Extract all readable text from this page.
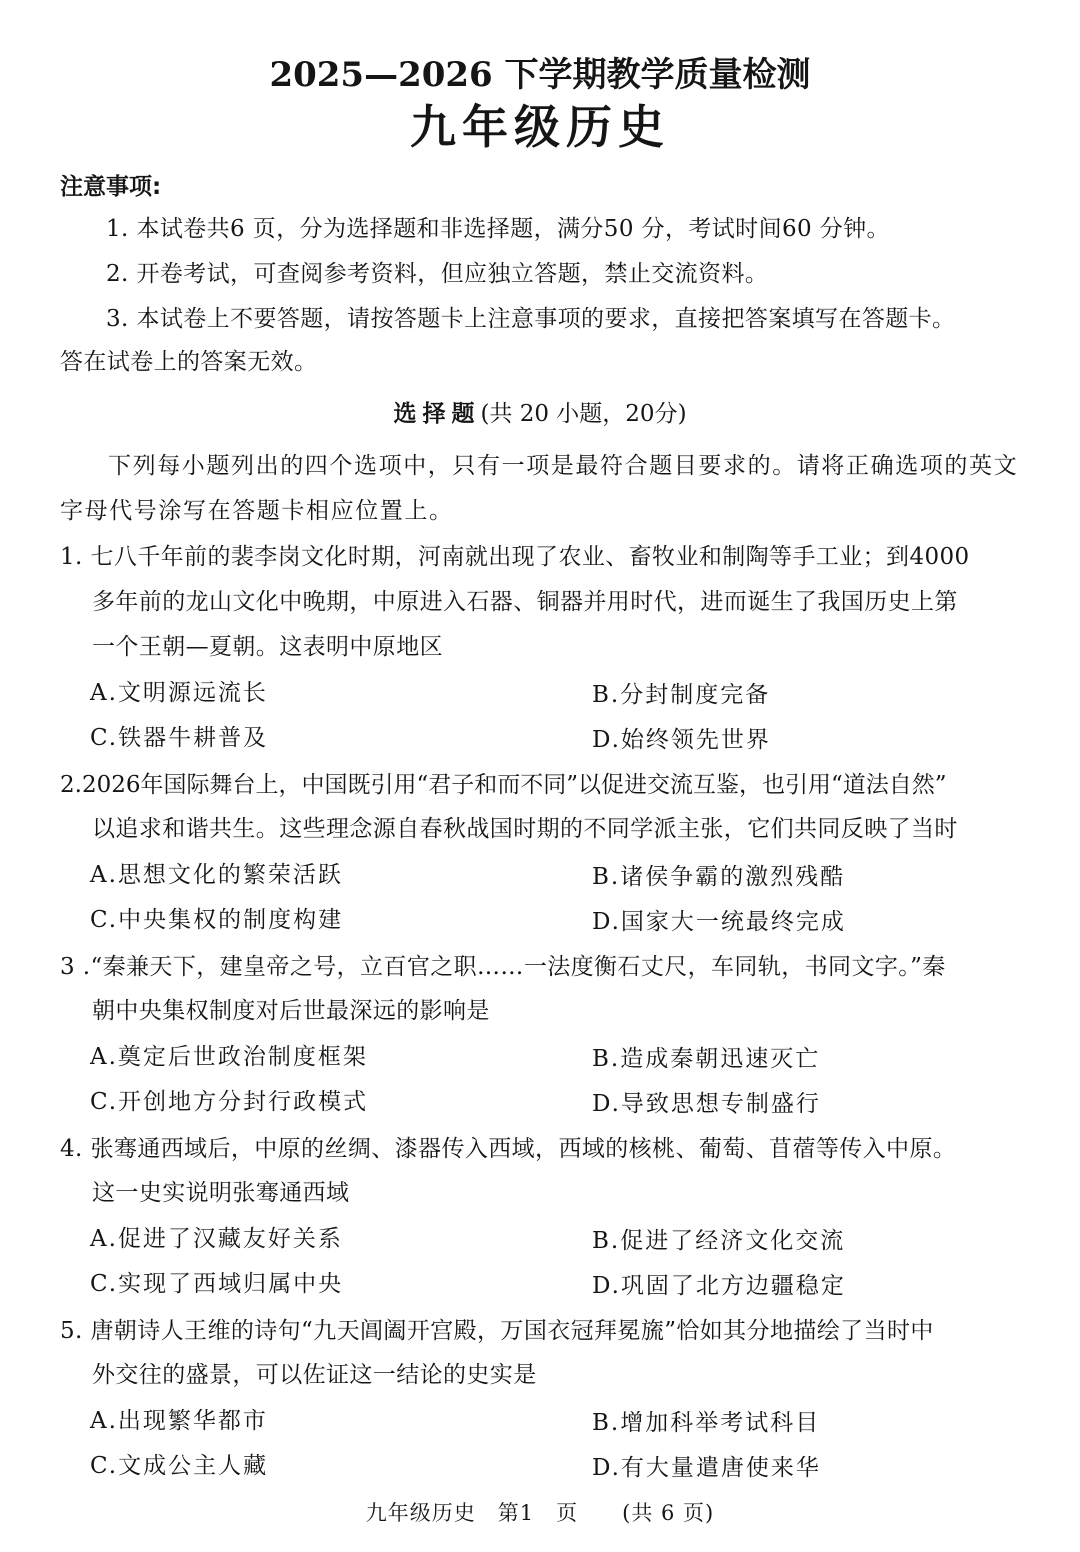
2025—2026 下学期教学质量检测
九年级历史
注意事项:
1. 本试卷共6 页，分为选择题和非选择题，满分50 分，考试时间60 分钟。
2. 开卷考试，可查阅参考资料，但应独立答题，禁止交流资料。
3. 本试卷上不要答题，请按答题卡上注意事项的要求，直接把答案填写在答题卡。
答在试卷上的答案无效。
选择题(共 20 小题，20分)
下列每小题列出的四个选项中，只有一项是最符合题目要求的。请将正确选项的英文
字母代号涂写在答题卡相应位置上。
1. 七八千年前的裴李岗文化时期，河南就出现了农业、畜牧业和制陶等手工业；到4000
多年前的龙山文化中晚期，中原进入石器、铜器并用时代，进而诞生了我国历史上第
一个王朝—夏朝。这表明中原地区
A.文明源远流长	B.分封制度完备
C.铁器牛耕普及	D.始终领先世界
2.2026年国际舞台上，中国既引用“君子和而不同”以促进交流互鉴，也引用“道法自然”
以追求和谐共生。这些理念源自春秋战国时期的不同学派主张，它们共同反映了当时
A.思想文化的繁荣活跃	B.诸侯争霸的激烈残酷
C.中央集权的制度构建	D.国家大一统最终完成
3 .“秦兼天下，建皇帝之号，立百官之职……一法度衡石丈尺，车同轨，书同文字。”秦
朝中央集权制度对后世最深远的影响是
A.奠定后世政治制度框架	B.造成秦朝迅速灭亡
C.开创地方分封行政模式	D.导致思想专制盛行
4. 张骞通西域后，中原的丝绸、漆器传入西域，西域的核桃、葡萄、苜蓿等传入中原。
这一史实说明张骞通西域
A.促进了汉藏友好关系	B.促进了经济文化交流
C.实现了西域归属中央	D.巩固了北方边疆稳定
5. 唐朝诗人王维的诗句“九天阊阖开宫殿，万国衣冠拜冕旒”恰如其分地描绘了当时中
外交往的盛景，可以佐证这一结论的史实是
A.出现繁华都市	B.增加科举考试科目
C.文成公主人藏	D.有大量遣唐使来华
九年级历史　第1　页　　(共 6 页)
